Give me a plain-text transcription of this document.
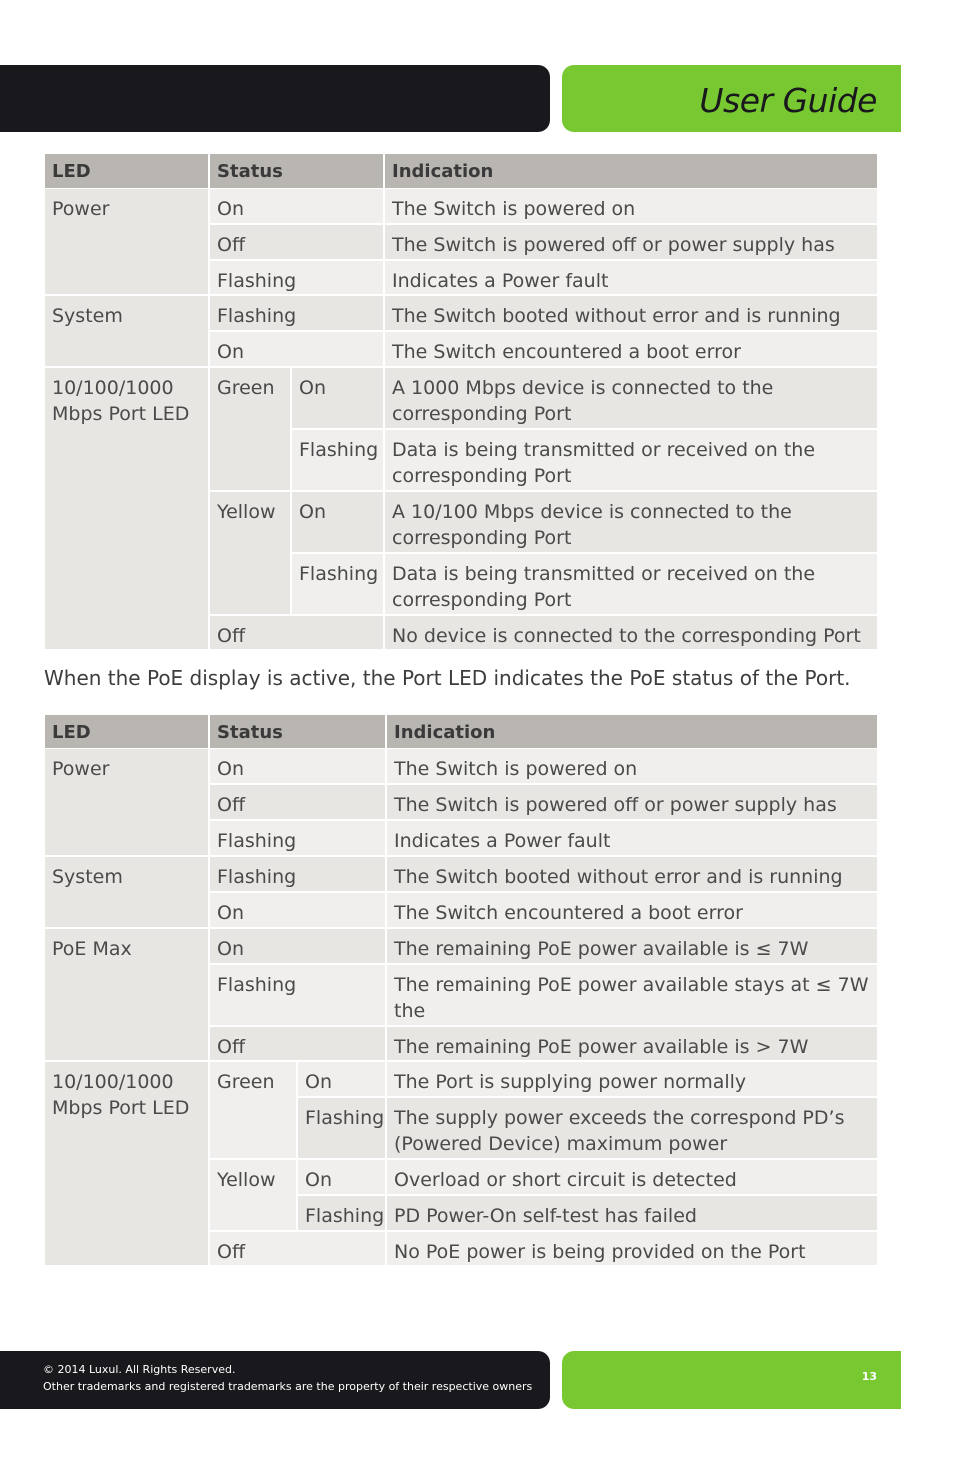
User Guide
LED	Status	Indication
Power	On	The Switch is powered on
Off	The Switch is powered off or power supply has
Flashing	Indicates a Power fault
System	Flashing	The Switch booted without error and is running
On	The Switch encountered a boot error
10/100/1000
Mbps Port LED
Green	On	A 1000 Mbps device is connected to the
corresponding Port
Flashing Data is being transmitted or received on the
corresponding Port
Yellow	On	A 10/100 Mbps device is connected to the
corresponding Port
Flashing Data is being transmitted or received on the
corresponding Port
Off	No device is connected to the corresponding Port
When the PoE display is active, the Port LED indicates the PoE status of the Port.
LED	Status	Indication
Power	On	The Switch is powered on
Off	The Switch is powered off or power supply has
Flashing	Indicates a Power fault
System	Flashing	The Switch booted without error and is running
On	The Switch encountered a boot error
PoE Max	On	The remaining PoE power available is ≤ 7W
Flashing	The remaining PoE power available stays at ≤ 7W the

Off	The remaining PoE power available is > 7W
10/100/1000
Mbps Port LED
Green	On	The Port is supplying power normally
Flashing The supply power exceeds the correspond PD’s
(Powered Device) maximum power
Yellow	On	Overload or short circuit is detected
Flashing PD Power-On self-test has failed
Off	No PoE power is being provided on the Port
© 2014 Luxul. All Rights Reserved.
Other trademarks and registered trademarks are the property of their respective owners
13
